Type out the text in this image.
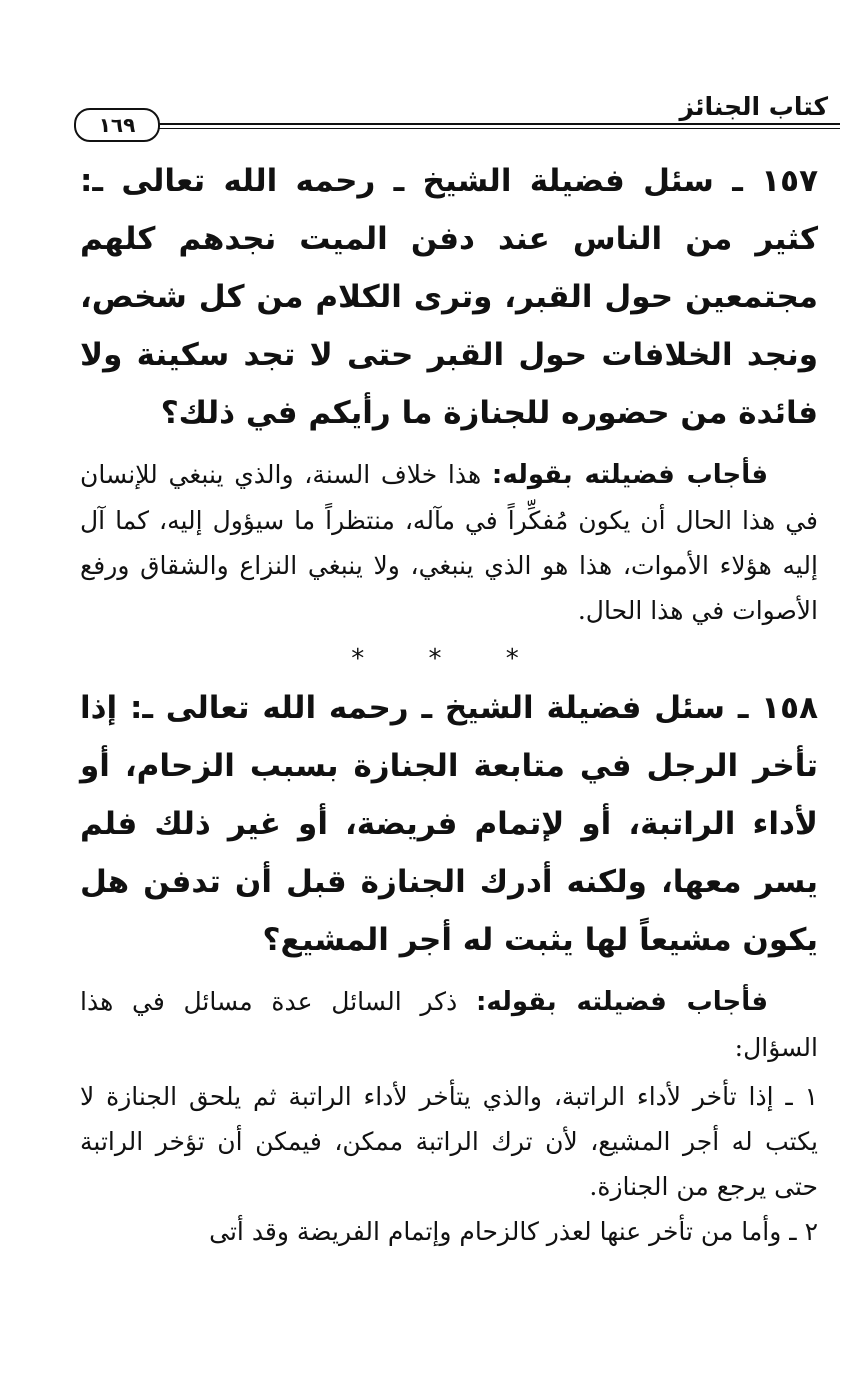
كتاب الجنائز
١٦٩

١٥٧ ـ سئل فضيلة الشيخ ـ رحمه الله تعالى ـ: كثير من الناس عند دفن الميت نجدهم كلهم مجتمعين حول القبر، وترى الكلام من كل شخص، ونجد الخلافات حول القبر حتى لا تجد سكينة ولا فائدة من حضوره للجنازة ما رأيكم في ذلك؟

فأجاب فضيلته بقوله: هذا خلاف السنة، والذي ينبغي للإنسان في هذا الحال أن يكون مُفكِّراً في مآله، منتظراً ما سيؤول إليه، كما آل إليه هؤلاء الأموات، هذا هو الذي ينبغي، ولا ينبغي النزاع والشقاق ورفع الأصوات في هذا الحال.

* * *

١٥٨ ـ سئل فضيلة الشيخ ـ رحمه الله تعالى ـ: إذا تأخر الرجل في متابعة الجنازة بسبب الزحام، أو لأداء الراتبة، أو لإتمام فريضة، أو غير ذلك فلم يسر معها، ولكنه أدرك الجنازة قبل أن تدفن هل يكون مشيعاً لها يثبت له أجر المشيع؟

فأجاب فضيلته بقوله: ذكر السائل عدة مسائل في هذا السؤال:

١ ـ إذا تأخر لأداء الراتبة، والذي يتأخر لأداء الراتبة ثم يلحق الجنازة لا يكتب له أجر المشيع، لأن ترك الراتبة ممكن، فيمكن أن تؤخر الراتبة حتى يرجع من الجنازة.

٢ ـ وأما من تأخر عنها لعذر كالزحام وإتمام الفريضة وقد أتى
